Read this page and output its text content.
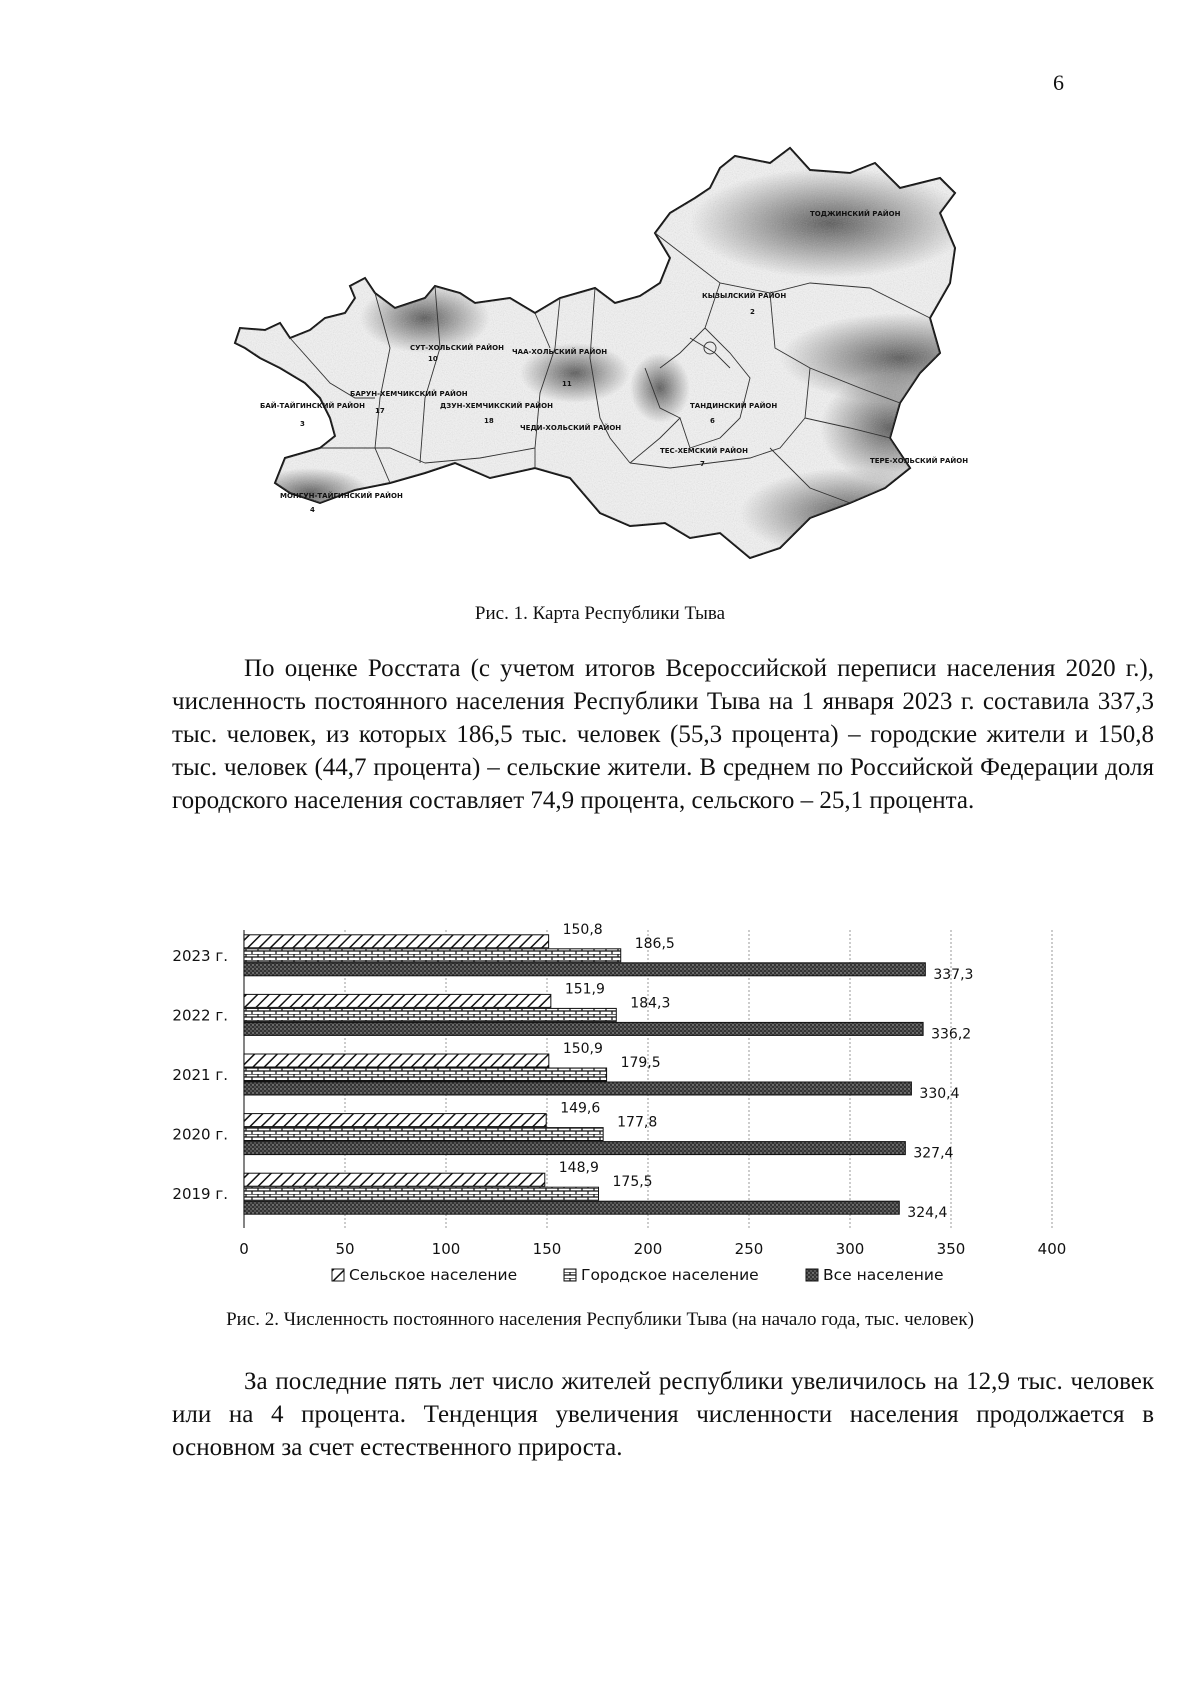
6
ТОДЖИНСКИЙ РАЙОН
КЫЗЫЛСКИЙ РАЙОН
2
СУТ-ХОЛЬСКИЙ РАЙОН
10
ЧАА-ХОЛЬСКИЙ РАЙОН
БАРУН-ХЕМЧИКСКИЙ РАЙОН
17
БАЙ-ТАЙГИНСКИЙ РАЙОН
3
ДЗУН-ХЕМЧИКСКИЙ РАЙОН
18
11
ЧЕДИ-ХОЛЬСКИЙ РАЙОН
ТАНДИНСКИЙ РАЙОН
6
ТЕС-ХЕМСКИЙ РАЙОН
7	ТЕРЕ-ХОЛЬСКИЙ РАЙОН
МОНГУН-ТАЙГИНСКИЙ РАЙОН
4
Рис. 1. Карта Республики Тыва

По оценке Росстата (с учетом итогов Всероссийской переписи населения 2020 г.), численность постоянного населения Республики Тыва на 1 января 2023 г. составила 337,3 тыс. человек, из которых 186,5 тыс. человек (55,3 процента) – городские жители и 150,8 тыс. человек (44,7 процента) – сельские жители. В среднем по Российской Федерации доля городского населения составляет 74,9 процента, сельского – 25,1 процента.

0	50	100	150	200	250	300	350	400
2023 г.
150,8
186,5
337,3
2022 г.
151,9
184,3
336,2
2021 г.
150,9
179,5
330,4
2020 г.
149,6
177,8
327,4
2019 г.
148,9
175,5
324,4
Сельское население	Городское население	Все население
Рис. 2. Численность постоянного населения Республики Тыва (на начало года, тыс. человек)

За последние пять лет число жителей республики увеличилось на 12,9 тыс. человек или на 4 процента. Тенденция увеличения численности населения продолжается в основном за счет естественного прироста.
